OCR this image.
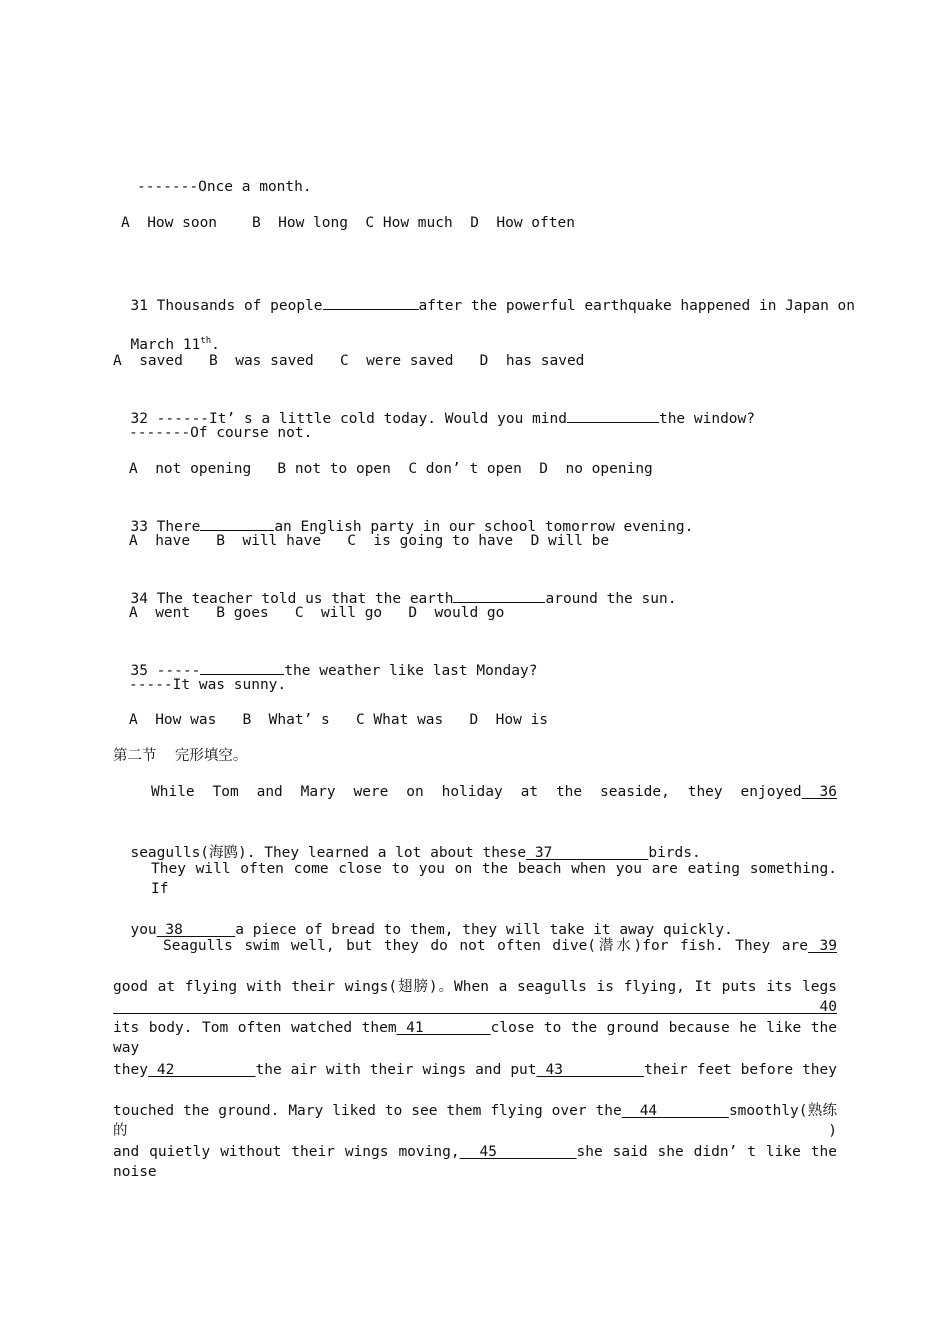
-------Once a month.
A  How soon    B  How long  C How much  D  How often

31 Thousands of people	after the powerful earthquake happened in Japan on

March 11th.

A  saved   B  was saved   C  were saved   D  has saved

32 ------It’ s a little cold today. Would you mind	the window?

-------Of course not.
A  not opening   B not to open  C don’ t open  D  no opening

33 There	an English party in our school tomorrow evening.

A  have   B  will have   C  is going to have  D will be

34 The teacher told us that the earth	around the sun.

A  went   B goes   C  will go   D  would go

35 -----	the weather like last Monday?

-----It was sunny.
A  How was   B  What’ s   C What was   D  How is
第二节    完形填空。
While Tom and Mary were on holiday at the seaside, they enjoyed 36

seagulls(海鸥). They learned a lot about these 37           birds.

They will often come close to you on the beach when you are eating something. If

you 38      a piece of bread to them, they will take it away quickly.

Seagulls swim well, but they do not often dive(潜水)for fish. They are 39
good at flying with their wings(翅膀)。When a seagulls is flying, It puts its legs 40
its body. Tom often watched them 41       close to the ground because he like the way
they 42         the air with their wings and put 43         their feet before they
touched the ground. Mary liked to see them flying over the  44        smoothly(熟练的)
and quietly without their wings moving,  45        she said she didn’ t like the noise
